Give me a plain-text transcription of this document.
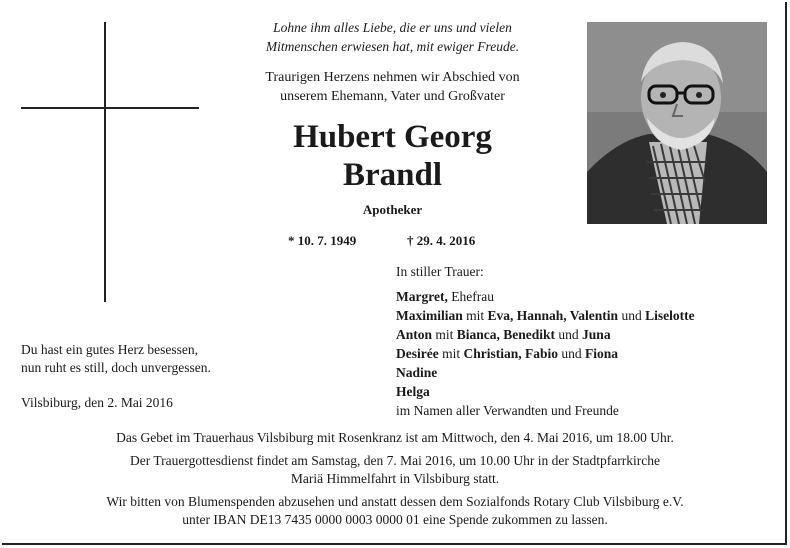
Lohne ihm alles Liebe, die er uns und vielen
Mitmenschen erwiesen hat, mit ewiger Freude.
Traurigen Herzens nehmen wir Abschied von
unserem Ehemann, Vater und Großvater
Hubert Georg
Brandl
Apotheker
* 10. 7. 1949	† 29. 4. 2016
In stiller Trauer:
Margret, Ehefrau
Maximilian mit Eva, Hannah, Valentin und Liselotte
Anton mit Bianca, Benedikt und Juna
Desirée mit Christian, Fabio und Fiona
Nadine
Helga
im Namen aller Verwandten und Freunde
Du hast ein gutes Herz besessen,
nun ruht es still, doch unvergessen.
Vilsbiburg, den 2. Mai 2016
Das Gebet im Trauerhaus Vilsbiburg mit Rosenkranz ist am Mittwoch, den 4. Mai 2016, um 18.00 Uhr.
Der Trauergottesdienst findet am Samstag, den 7. Mai 2016, um 10.00 Uhr in der Stadtpfarrkirche
Mariä Himmelfahrt in Vilsbiburg statt.
Wir bitten von Blumenspenden abzusehen und anstatt dessen dem Sozialfonds Rotary Club Vilsbiburg e.V.
unter IBAN DE13 7435 0000 0003 0000 01 eine Spende zukommen zu lassen.
